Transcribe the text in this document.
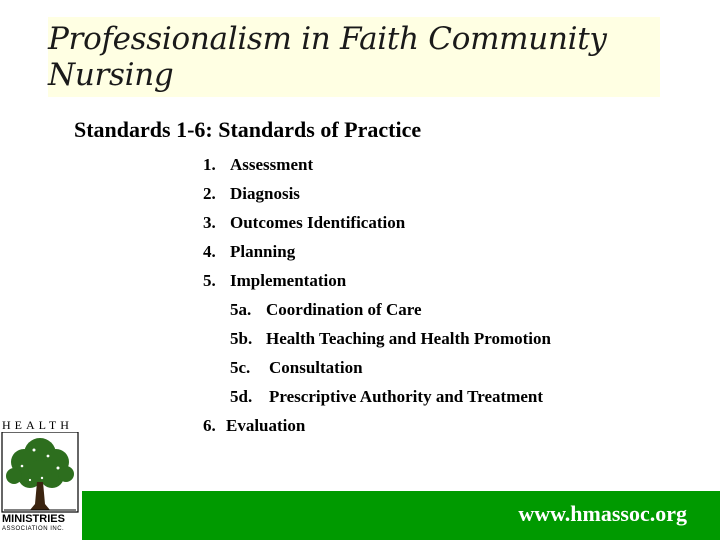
Professionalism in Faith Community Nursing
Standards 1-6: Standards of Practice
1. Assessment
2. Diagnosis
3. Outcomes Identification
4. Planning
5. Implementation
5a. Coordination of Care
5b. Health Teaching and Health Promotion
5c. Consultation
5d. Prescriptive Authority and Treatment
6. Evaluation
HEALTH
MINISTRIES
ASSOCIATION INC.
www.hmassoc.org
